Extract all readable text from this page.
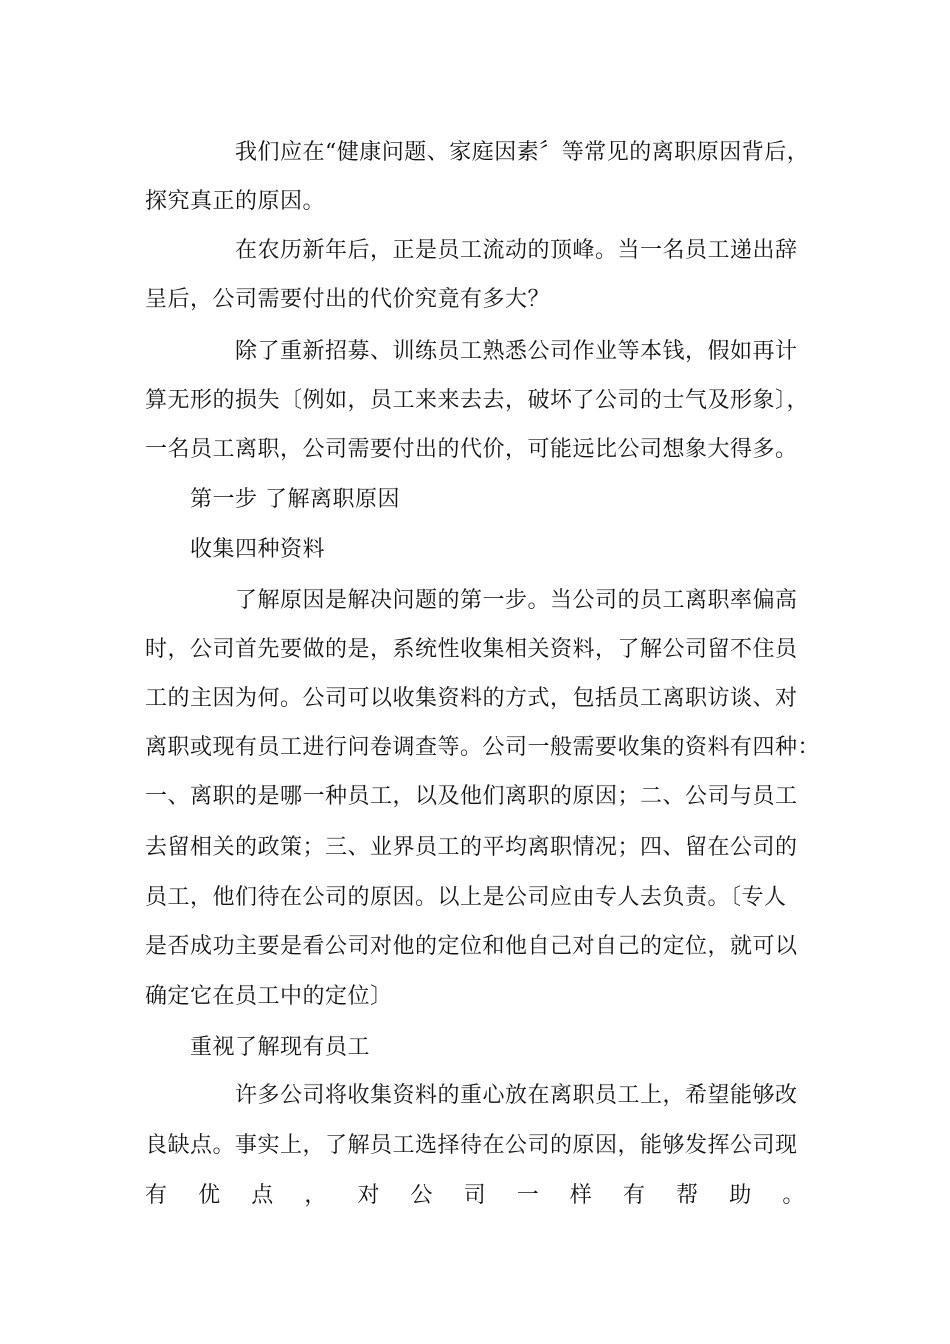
我们应在“健康问题、家庭因素〞等常见的离职原因背后，
探究真正的原因。
在农历新年后，正是员工流动的顶峰。当一名员工递出辞
呈后，公司需要付出的代价究竟有多大？
除了重新招募、训练员工熟悉公司作业等本钱，假如再计
算无形的损失〔例如，员工来来去去，破坏了公司的士气及形象〕，
一名员工离职，公司需要付出的代价，可能远比公司想象大得多。
第一步 了解离职原因
收集四种资料
了解原因是解决问题的第一步。当公司的员工离职率偏高
时，公司首先要做的是，系统性收集相关资料，了解公司留不住员
工的主因为何。公司可以收集资料的方式，包括员工离职访谈、对
离职或现有员工进行问卷调查等。公司一般需要收集的资料有四种：
一、离职的是哪一种员工，以及他们离职的原因；二、公司与员工
去留相关的政策；三、业界员工的平均离职情况；四、留在公司的
员工，他们待在公司的原因。以上是公司应由专人去负责。〔专人
是否成功主要是看公司对他的定位和他自己对自己的定位，就可以
确定它在员工中的定位〕
重视了解现有员工
许多公司将收集资料的重心放在离职员工上，希望能够改
良缺点。事实上，了解员工选择待在公司的原因，能够发挥公司现
有 优 点 ， 对 公 司 一 样 有 帮 助 。
